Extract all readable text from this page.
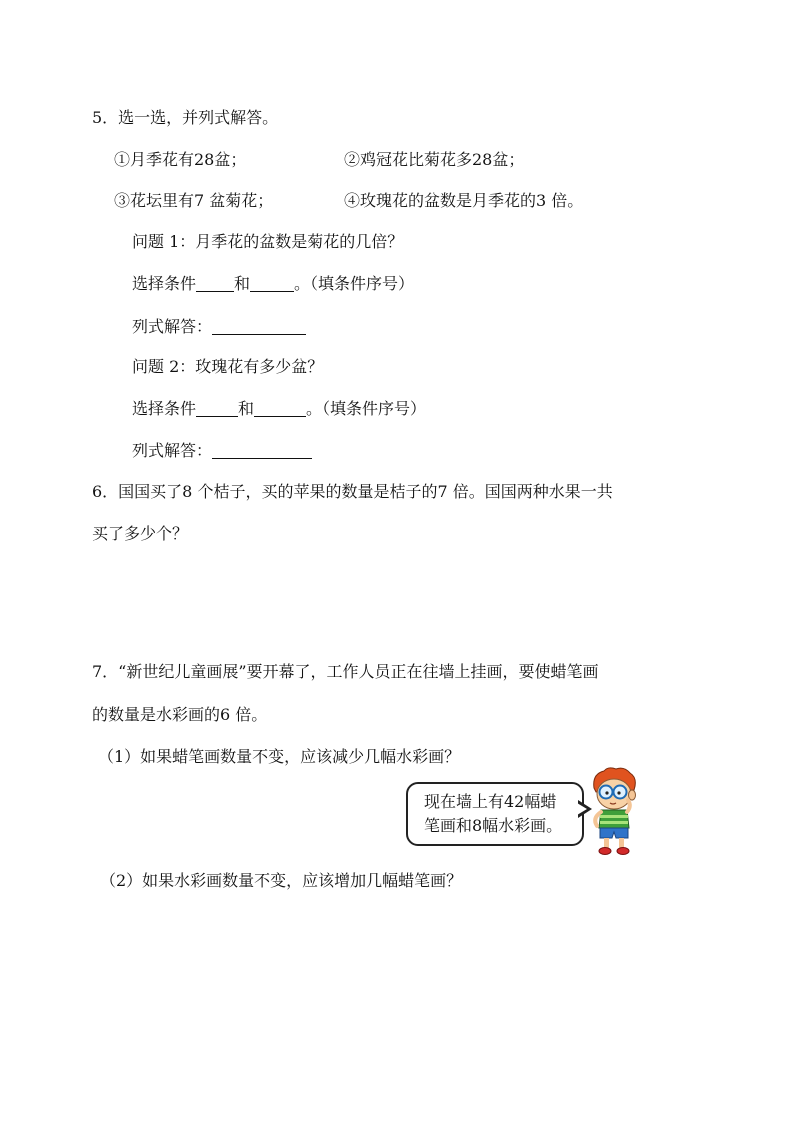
5．选一选，并列式解答。
①月季花有28盆；	②鸡冠花比菊花多28盆；
③花坛里有7 盆菊花；	④玫瑰花的盆数是月季花的3 倍。
问题 1：月季花的盆数是菊花的几倍？
选择条件 和	。（填条件序号）
列式解答：
问题 2：玫瑰花有多少盆？
选择条件	和	。（填条件序号）
列式解答：
6．国国买了8 个桔子，买的苹果的数量是桔子的7 倍。国国两种水果一共
买了多少个？
7．“新世纪儿童画展”要开幕了，工作人员正在往墙上挂画，要使蜡笔画
的数量是水彩画的6 倍。
（1）如果蜡笔画数量不变，应该减少几幅水彩画？
现在墙上有42幅蜡
笔画和8幅水彩画。
（2）如果水彩画数量不变，应该增加几幅蜡笔画？
